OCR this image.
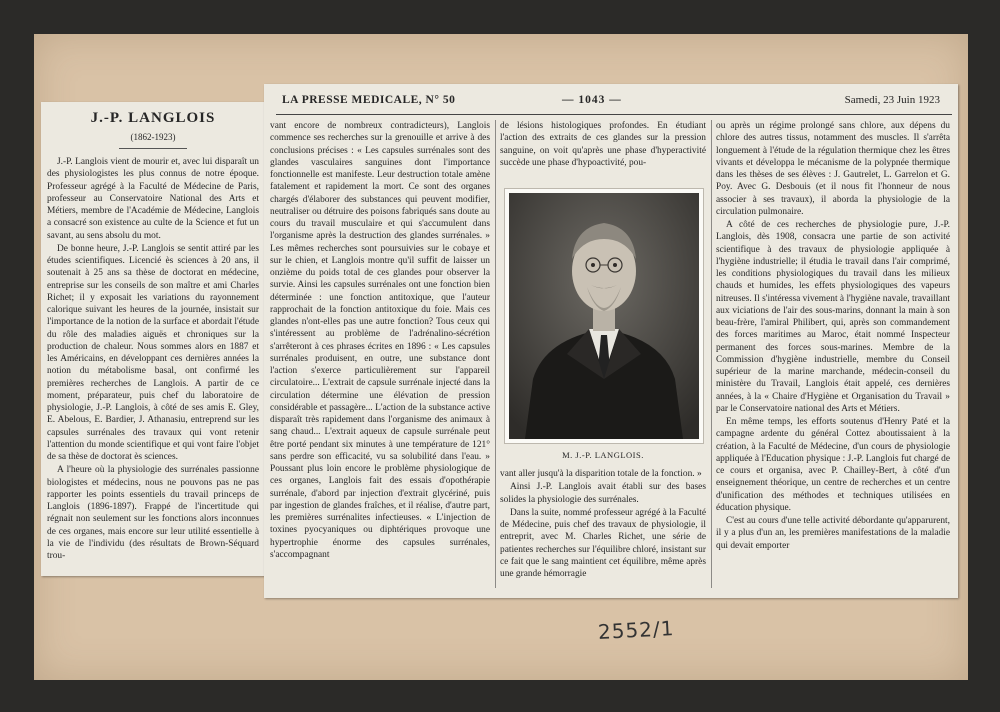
J.-P. LANGLOIS
(1862-1923)

J.-P. Langlois vient de mourir et, avec lui disparaît un des physiologistes les plus connus de notre époque. Professeur agrégé à la Faculté de Médecine de Paris, professeur au Conservatoire National des Arts et Métiers, membre de l'Académie de Médecine, Langlois a consacré son existence au culte de la Science et fut un savant, au sens absolu du mot.

De bonne heure, J.-P. Langlois se sentit attiré par les études scientifiques. Licencié ès sciences à 20 ans, il soutenait à 25 ans sa thèse de doctorat en médecine, entreprise sur les conseils de son maître et ami Charles Richet; il y exposait les variations du rayonnement calorique suivant les heures de la journée, insistait sur l'importance de la notion de la surface et abordait l'étude du rôle des maladies aiguës et chroniques sur la production de chaleur. Nous sommes alors en 1887 et les Américains, en développant ces dernières années la notion du métabolisme basal, ont confirmé les premières recherches de Langlois. A partir de ce moment, préparateur, puis chef du laboratoire de physiologie, J.-P. Langlois, à côté de ses amis E. Gley, E. Abelous, E. Bardier, J. Athanasiu, entreprend sur les capsules surrénales des travaux qui vont retenir l'attention du monde scientifique et qui vont faire l'objet de sa thèse de doctorat ès sciences.

A l'heure où la physiologie des surrénales passionne biologistes et médecins, nous ne pouvons pas ne pas rapporter les points essentiels du travail princeps de Langlois (1896-1897). Frappé de l'incertitude qui régnait non seulement sur les fonctions alors inconnues de ces organes, mais encore sur leur utilité essentielle à la vie de l'individu (des résultats de Brown-Séquard trou-

LA PRESSE MEDICALE, N° 50	— 1043 —	Samedi, 23 Juin 1923

vant encore de nombreux contradicteurs), Langlois commence ses recherches sur la grenouille et arrive à des conclusions précises : « Les capsules surrénales sont des glandes vasculaires sanguines dont l'importance fonctionnelle est manifeste. Leur destruction totale amène fatalement et rapidement la mort. Ce sont des organes chargés d'élaborer des substances qui peuvent modifier, neutraliser ou détruire des poisons fabriqués sans doute au cours du travail musculaire et qui s'accumulent dans l'organisme après la destruction des glandes surrénales. » Les mêmes recherches sont poursuivies sur le cobaye et sur le chien, et Langlois montre qu'il suffit de laisser un onzième du poids total de ces glandes pour observer la survie. Ainsi les capsules surrénales ont une fonction bien déterminée : une fonction antitoxique, que l'auteur rapprochait de la fonction antitoxique du foie. Mais ces glandes n'ont-elles pas une autre fonction? Tous ceux qui s'intéressent au problème de l'adrénalino-sécrétion s'arrêteront à ces phrases écrites en 1896 : « Les capsules surrénales produisent, en outre, une substance dont l'action s'exerce particulièrement sur l'appareil circulatoire... L'extrait de capsule surrénale injecté dans la circulation détermine une élévation de pression considérable et passagère... L'action de la substance active disparaît très rapidement dans l'organisme des animaux à sang chaud... L'extrait aqueux de capsule surrénale peut être porté pendant six minutes à une température de 121° sans perdre son efficacité, vu sa solubilité dans l'eau. » Poussant plus loin encore le problème physiologique de ces organes, Langlois fait des essais d'opothérapie surrénale, d'abord par injection d'extrait glycériné, puis par ingestion de glandes fraîches, et il réalise, d'autre part, les premières surrénalites infectieuses. « L'injection de toxines pyocyaniques ou diphtériques provoque une hypertrophie énorme des capsules surrénales, s'accompagnant

de lésions histologiques profondes. En étudiant l'action des extraits de ces glandes sur la pression sanguine, on voit qu'après une phase d'hyperactivité succède une phase d'hypoactivité, pou-

M. J.-P. LANGLOIS.

vant aller jusqu'à la disparition totale de la fonction. »

Ainsi J.-P. Langlois avait établi sur des bases solides la physiologie des surrénales.

Dans la suite, nommé professeur agrégé à la Faculté de Médecine, puis chef des travaux de physiologie, il entreprit, avec M. Charles Richet, une série de patientes recherches sur l'équilibre chloré, insistant sur ce fait que le sang maintient cet équilibre, même après une grande hémorragie

ou après un régime prolongé sans chlore, aux dépens du chlore des autres tissus, notamment des muscles. Il s'arrêta longuement à l'étude de la régulation thermique chez les êtres vivants et développa le mécanisme de la polypnée thermique dans les thèses de ses élèves : J. Gautrelet, L. Garrelon et G. Poy. Avec G. Desbouis (et il nous fit l'honneur de nous associer à ses travaux), il aborda la physiologie de la circulation pulmonaire.

A côté de ces recherches de physiologie pure, J.-P. Langlois, dès 1908, consacra une partie de son activité scientifique à des travaux de physiologie appliquée à l'hygiène industrielle; il étudia le travail dans l'air comprimé, les conditions physiologiques du travail dans les milieux chauds et humides, les effets physiologiques des vapeurs nitreuses. Il s'intéressa vivement à l'hygiène navale, travaillant aux viciations de l'air des sous-marins, donnant la main à son beau-frère, l'amiral Philibert, qui, après son commandement des forces maritimes au Maroc, était nommé Inspecteur permanent des forces sous-marines. Membre de la Commission d'hygiène industrielle, membre du Conseil supérieur de la marine marchande, médecin-conseil du ministère du Travail, Langlois était appelé, ces dernières années, à la « Chaire d'Hygiène et Organisation du Travail » par le Conservatoire national des Arts et Métiers.

En même temps, les efforts soutenus d'Henry Paté et la campagne ardente du général Cottez aboutissaient à la création, à la Faculté de Médecine, d'un cours de physiologie appliquée à l'Education physique : J.-P. Langlois fut chargé de ce cours et organisa, avec P. Chailley-Bert, à côté d'un enseignement théorique, un centre de recherches et un centre d'unification des méthodes et techniques utilisées en éducation physique.

C'est au cours d'une telle activité débordante qu'apparurent, il y a plus d'un an, les premières manifestations de la maladie qui devait emporter

2552/1
